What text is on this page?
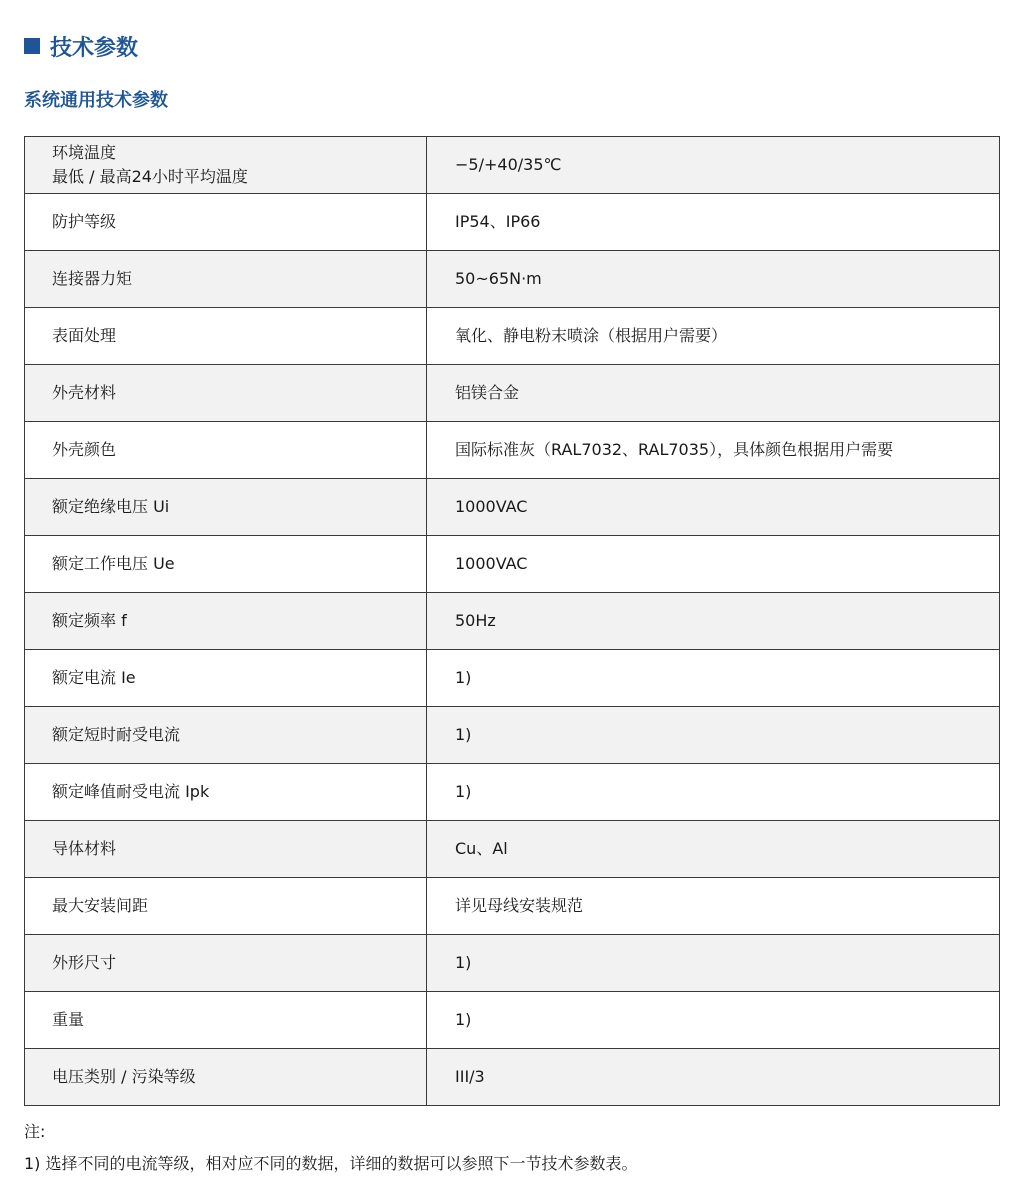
技术参数
系统通用技术参数
环境温度
最低 / 最高24小时平均温度	−5/+40/35℃
防护等级	IP54、IP66
连接器力矩	50~65N·m
表面处理	氧化、静电粉末喷涂（根据用户需要）
外壳材料	铝镁合金
外壳颜色	国际标准灰（RAL7032、RAL7035），具体颜色根据用户需要
额定绝缘电压 Ui	1000VAC
额定工作电压 Ue	1000VAC
额定频率 f	50Hz
额定电流 Ie	1)
额定短时耐受电流	1)
额定峰值耐受电流 Ipk	1)
导体材料	Cu、Al
最大安装间距	详见母线安装规范
外形尺寸	1)
重量	1)
电压类别 / 污染等级	III/3
注:
1) 选择不同的电流等级，相对应不同的数据，详细的数据可以参照下一节技术参数表。
